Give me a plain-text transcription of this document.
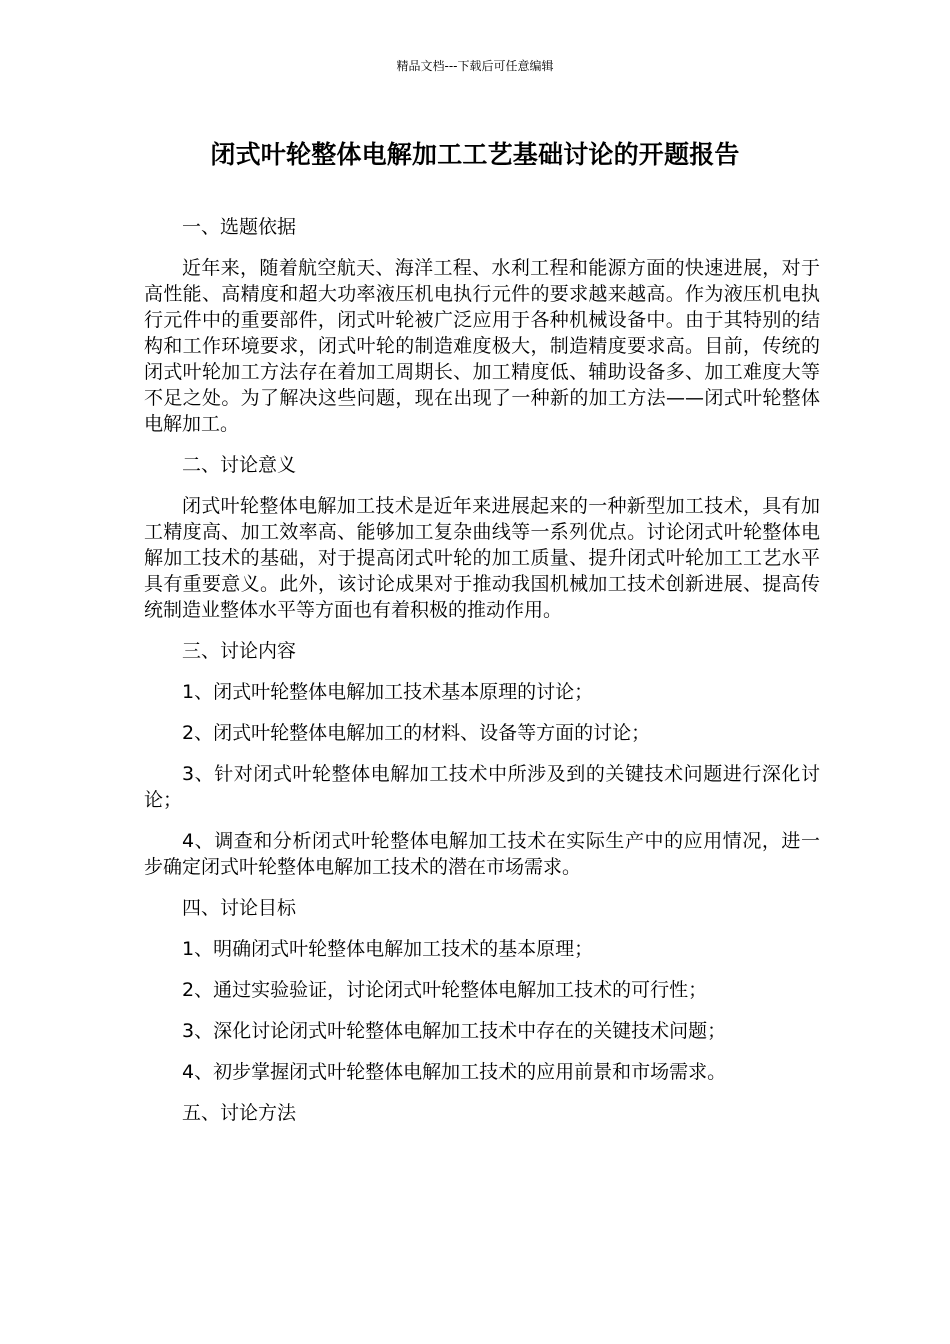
精品文档---下载后可任意编辑
闭式叶轮整体电解加工工艺基础讨论的开题报告

一、选题依据

近年来，随着航空航天、海洋工程、水利工程和能源方面的快速进展，对于高性能、高精度和超大功率液压机电执行元件的要求越来越高。作为液压机电执行元件中的重要部件，闭式叶轮被广泛应用于各种机械设备中。由于其特别的结构和工作环境要求，闭式叶轮的制造难度极大，制造精度要求高。目前，传统的闭式叶轮加工方法存在着加工周期长、加工精度低、辅助设备多、加工难度大等不足之处。为了解决这些问题，现在出现了一种新的加工方法——闭式叶轮整体电解加工。

二、讨论意义

闭式叶轮整体电解加工技术是近年来进展起来的一种新型加工技术，具有加工精度高、加工效率高、能够加工复杂曲线等一系列优点。讨论闭式叶轮整体电解加工技术的基础，对于提高闭式叶轮的加工质量、提升闭式叶轮加工工艺水平具有重要意义。此外，该讨论成果对于推动我国机械加工技术创新进展、提高传统制造业整体水平等方面也有着积极的推动作用。

三、讨论内容

1、闭式叶轮整体电解加工技术基本原理的讨论；

2、闭式叶轮整体电解加工的材料、设备等方面的讨论；

3、针对闭式叶轮整体电解加工技术中所涉及到的关键技术问题进行深化讨论；

4、调查和分析闭式叶轮整体电解加工技术在实际生产中的应用情况，进一步确定闭式叶轮整体电解加工技术的潜在市场需求。

四、讨论目标

1、明确闭式叶轮整体电解加工技术的基本原理；

2、通过实验验证，讨论闭式叶轮整体电解加工技术的可行性；

3、深化讨论闭式叶轮整体电解加工技术中存在的关键技术问题；

4、初步掌握闭式叶轮整体电解加工技术的应用前景和市场需求。

五、讨论方法
